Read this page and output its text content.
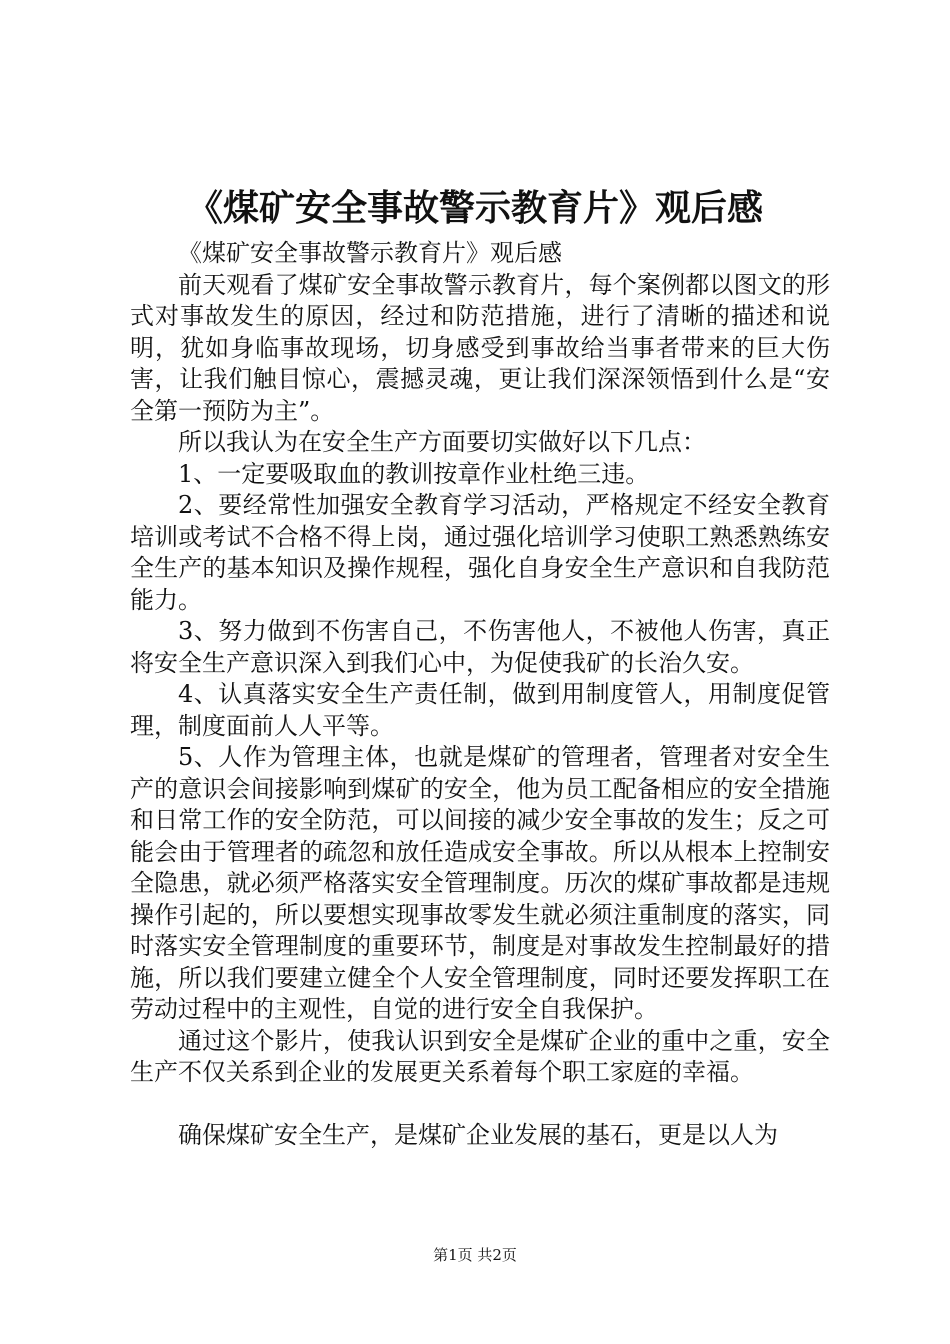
《煤矿安全事故警示教育片》观后感

《煤矿安全事故警示教育片》观后感

前天观看了煤矿安全事故警示教育片，每个案例都以图文的形式对事故发生的原因，经过和防范措施，进行了清晰的描述和说明，犹如身临事故现场，切身感受到事故给当事者带来的巨大伤害，让我们触目惊心，震撼灵魂，更让我们深深领悟到什么是“安全第一预防为主”。

所以我认为在安全生产方面要切实做好以下几点：

1、一定要吸取血的教训按章作业杜绝三违。

2、要经常性加强安全教育学习活动，严格规定不经安全教育培训或考试不合格不得上岗，通过强化培训学习使职工熟悉熟练安全生产的基本知识及操作规程，强化自身安全生产意识和自我防范能力。

3、努力做到不伤害自己，不伤害他人，不被他人伤害，真正将安全生产意识深入到我们心中，为促使我矿的长治久安。

4、认真落实安全生产责任制，做到用制度管人，用制度促管理，制度面前人人平等。

5、人作为管理主体，也就是煤矿的管理者，管理者对安全生产的意识会间接影响到煤矿的安全，他为员工配备相应的安全措施和日常工作的安全防范，可以间接的减少安全事故的发生；反之可能会由于管理者的疏忽和放任造成安全事故。所以从根本上控制安全隐患，就必须严格落实安全管理制度。历次的煤矿事故都是违规操作引起的，所以要想实现事故零发生就必须注重制度的落实，同时落实安全管理制度的重要环节，制度是对事故发生控制最好的措施，所以我们要建立健全个人安全管理制度，同时还要发挥职工在劳动过程中的主观性，自觉的进行安全自我保护。

通过这个影片，使我认识到安全是煤矿企业的重中之重，安全生产不仅关系到企业的发展更关系着每个职工家庭的幸福。

确保煤矿安全生产，是煤矿企业发展的基石，更是以人为

第1页 共2页
